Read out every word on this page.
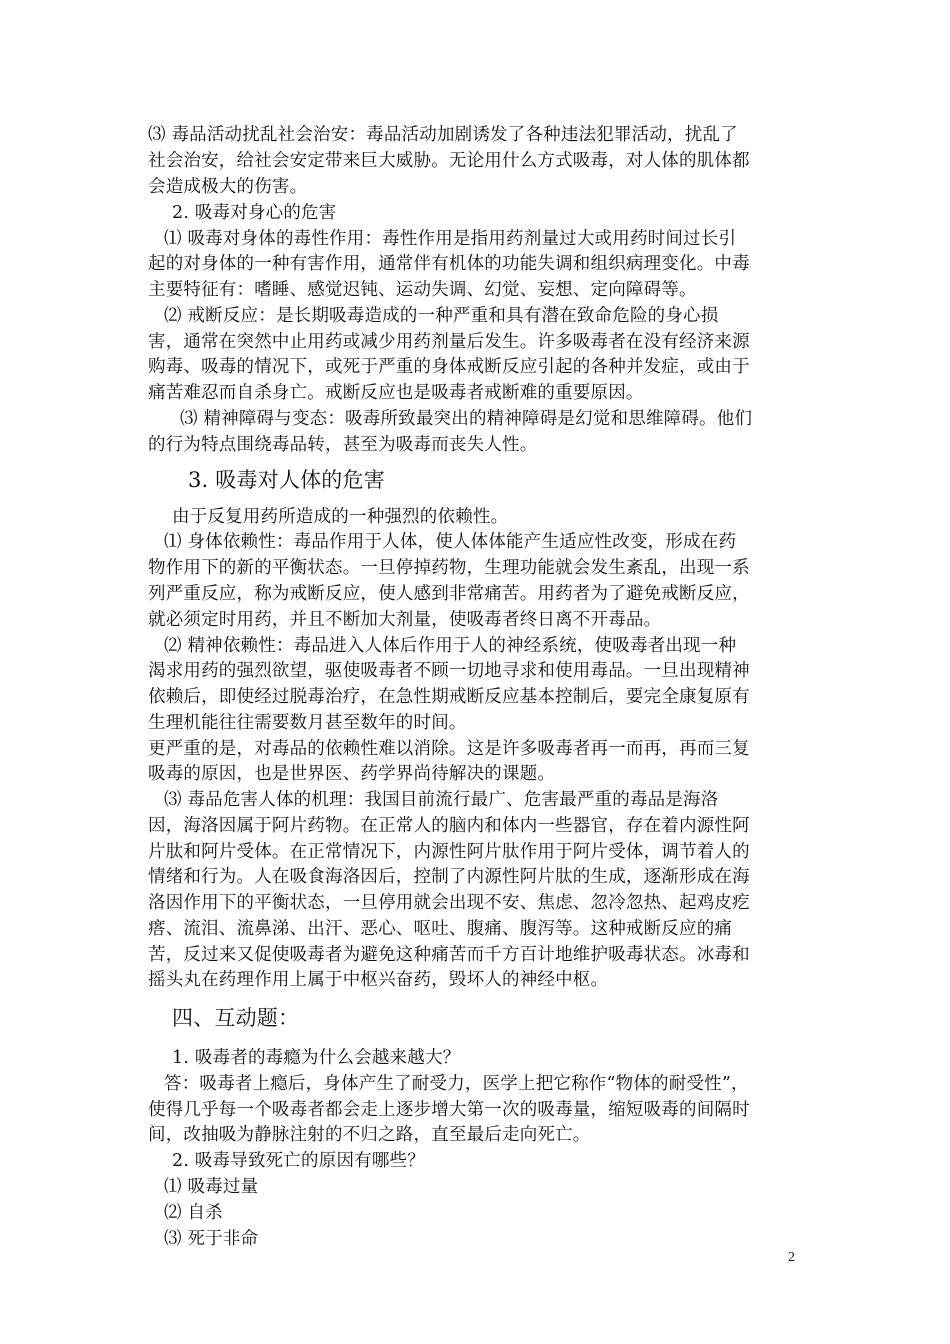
⑶ 毒品活动扰乱社会治安：毒品活动加剧诱发了各种违法犯罪活动，扰乱了
社会治安，给社会安定带来巨大威胁。无论用什么方式吸毒，对人体的肌体都
会造成极大的伤害。
2. 吸毒对身心的危害
⑴ 吸毒对身体的毒性作用：毒性作用是指用药剂量过大或用药时间过长引
起的对身体的一种有害作用，通常伴有机体的功能失调和组织病理变化。中毒
主要特征有：嗜睡、感觉迟钝、运动失调、幻觉、妄想、定向障碍等。
⑵ 戒断反应：是长期吸毒造成的一种严重和具有潜在致命危险的身心损
害，通常在突然中止用药或减少用药剂量后发生。许多吸毒者在没有经济来源
购毒、吸毒的情况下，或死于严重的身体戒断反应引起的各种并发症，或由于
痛苦难忍而自杀身亡。戒断反应也是吸毒者戒断难的重要原因。
⑶ 精神障碍与变态：吸毒所致最突出的精神障碍是幻觉和思维障碍。他们
的行为特点围绕毒品转，甚至为吸毒而丧失人性。
3. 吸毒对人体的危害
由于反复用药所造成的一种强烈的依赖性。
⑴ 身体依赖性：毒品作用于人体，使人体体能产生适应性改变，形成在药
物作用下的新的平衡状态。一旦停掉药物，生理功能就会发生紊乱，出现一系
列严重反应，称为戒断反应，使人感到非常痛苦。用药者为了避免戒断反应，
就必须定时用药，并且不断加大剂量，使吸毒者终日离不开毒品。
⑵ 精神依赖性：毒品进入人体后作用于人的神经系统，使吸毒者出现一种
渴求用药的强烈欲望，驱使吸毒者不顾一切地寻求和使用毒品。一旦出现精神
依赖后，即使经过脱毒治疗，在急性期戒断反应基本控制后，要完全康复原有
生理机能往往需要数月甚至数年的时间。
更严重的是，对毒品的依赖性难以消除。这是许多吸毒者再一而再，再而三复
吸毒的原因，也是世界医、药学界尚待解决的课题。
⑶ 毒品危害人体的机理：我国目前流行最广、危害最严重的毒品是海洛
因，海洛因属于阿片药物。在正常人的脑内和体内一些器官，存在着内源性阿
片肽和阿片受体。在正常情况下，内源性阿片肽作用于阿片受体，调节着人的
情绪和行为。人在吸食海洛因后，控制了内源性阿片肽的生成，逐渐形成在海
洛因作用下的平衡状态，一旦停用就会出现不安、焦虑、忽冷忽热、起鸡皮疙
瘩、流泪、流鼻涕、出汗、恶心、呕吐、腹痛、腹泻等。这种戒断反应的痛
苦，反过来又促使吸毒者为避免这种痛苦而千方百计地维护吸毒状态。冰毒和
摇头丸在药理作用上属于中枢兴奋药，毁坏人的神经中枢。
四、互动题：
1. 吸毒者的毒瘾为什么会越来越大？
答：吸毒者上瘾后，身体产生了耐受力，医学上把它称作“物体的耐受性”，
使得几乎每一个吸毒者都会走上逐步增大第一次的吸毒量，缩短吸毒的间隔时
间，改抽吸为静脉注射的不归之路，直至最后走向死亡。
2. 吸毒导致死亡的原因有哪些？
⑴ 吸毒过量
⑵ 自杀
⑶ 死于非命
2
